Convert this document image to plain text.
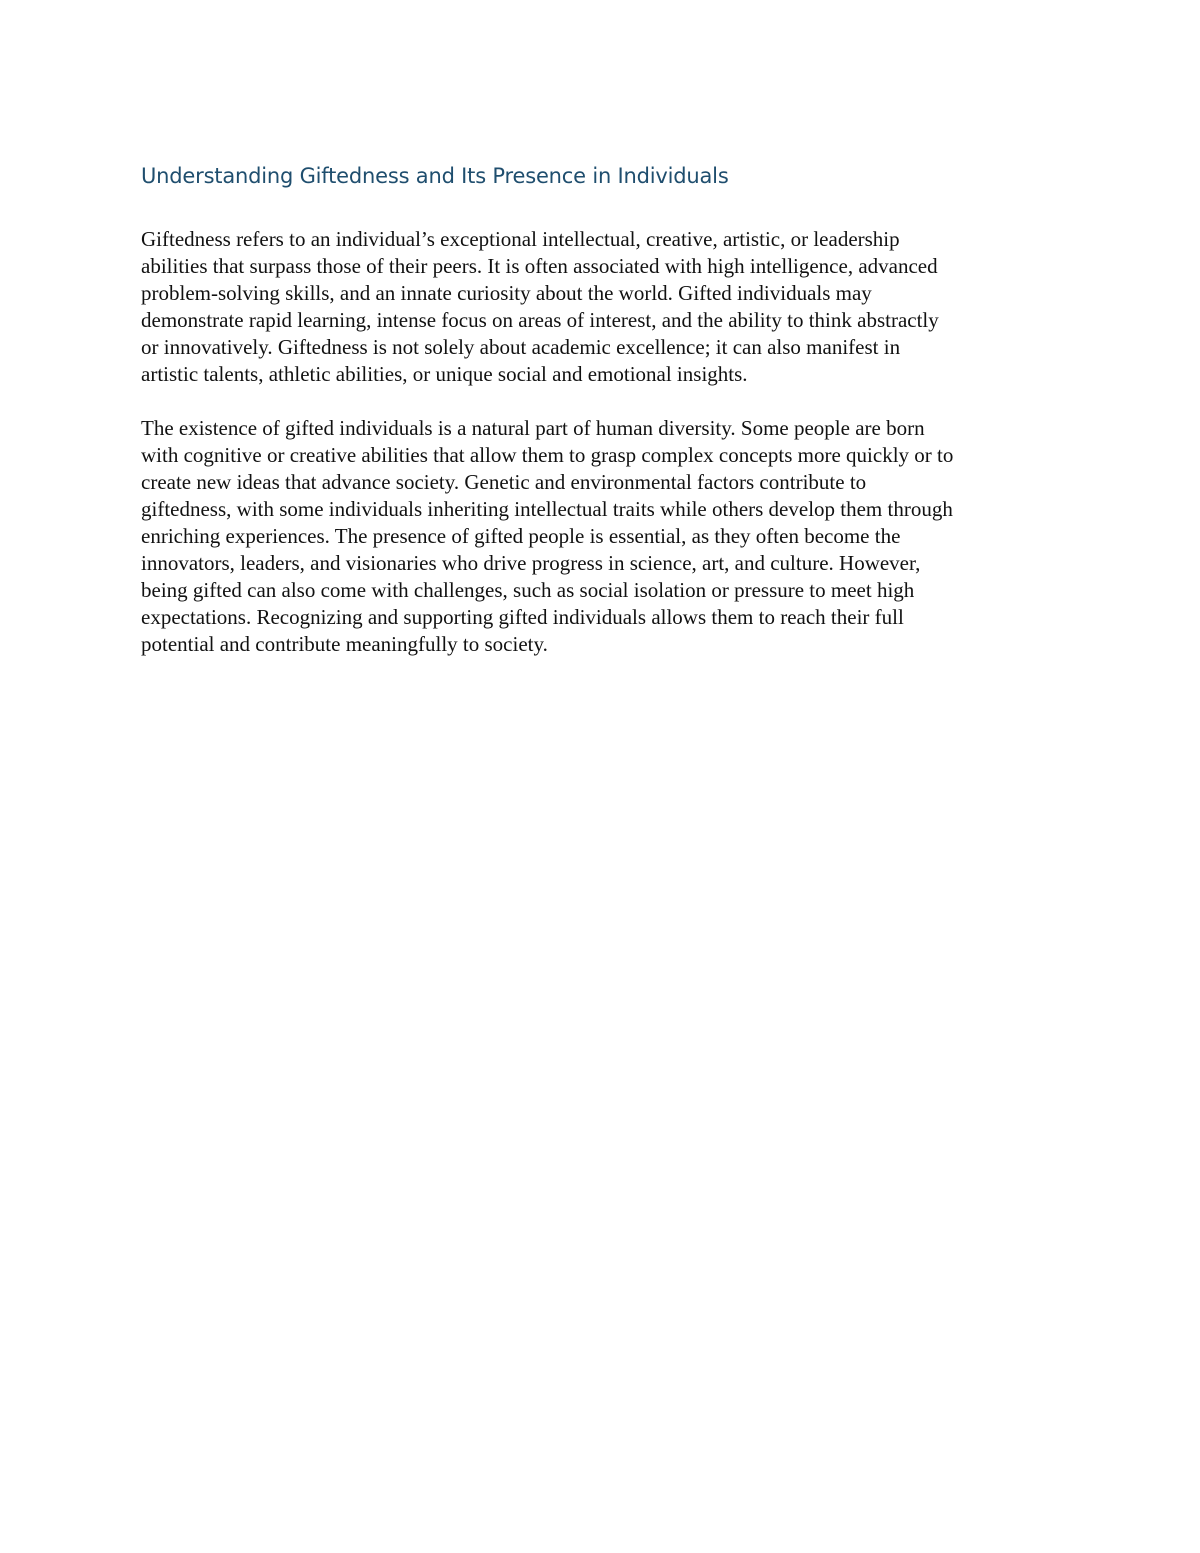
Understanding Giftedness and Its Presence in Individuals

Giftedness refers to an individual’s exceptional intellectual, creative, artistic, or leadership
abilities that surpass those of their peers. It is often associated with high intelligence, advanced
problem-solving skills, and an innate curiosity about the world. Gifted individuals may
demonstrate rapid learning, intense focus on areas of interest, and the ability to think abstractly
or innovatively. Giftedness is not solely about academic excellence; it can also manifest in
artistic talents, athletic abilities, or unique social and emotional insights.

The existence of gifted individuals is a natural part of human diversity. Some people are born
with cognitive or creative abilities that allow them to grasp complex concepts more quickly or to
create new ideas that advance society. Genetic and environmental factors contribute to
giftedness, with some individuals inheriting intellectual traits while others develop them through
enriching experiences. The presence of gifted people is essential, as they often become the
innovators, leaders, and visionaries who drive progress in science, art, and culture. However,
being gifted can also come with challenges, such as social isolation or pressure to meet high
expectations. Recognizing and supporting gifted individuals allows them to reach their full
potential and contribute meaningfully to society.
